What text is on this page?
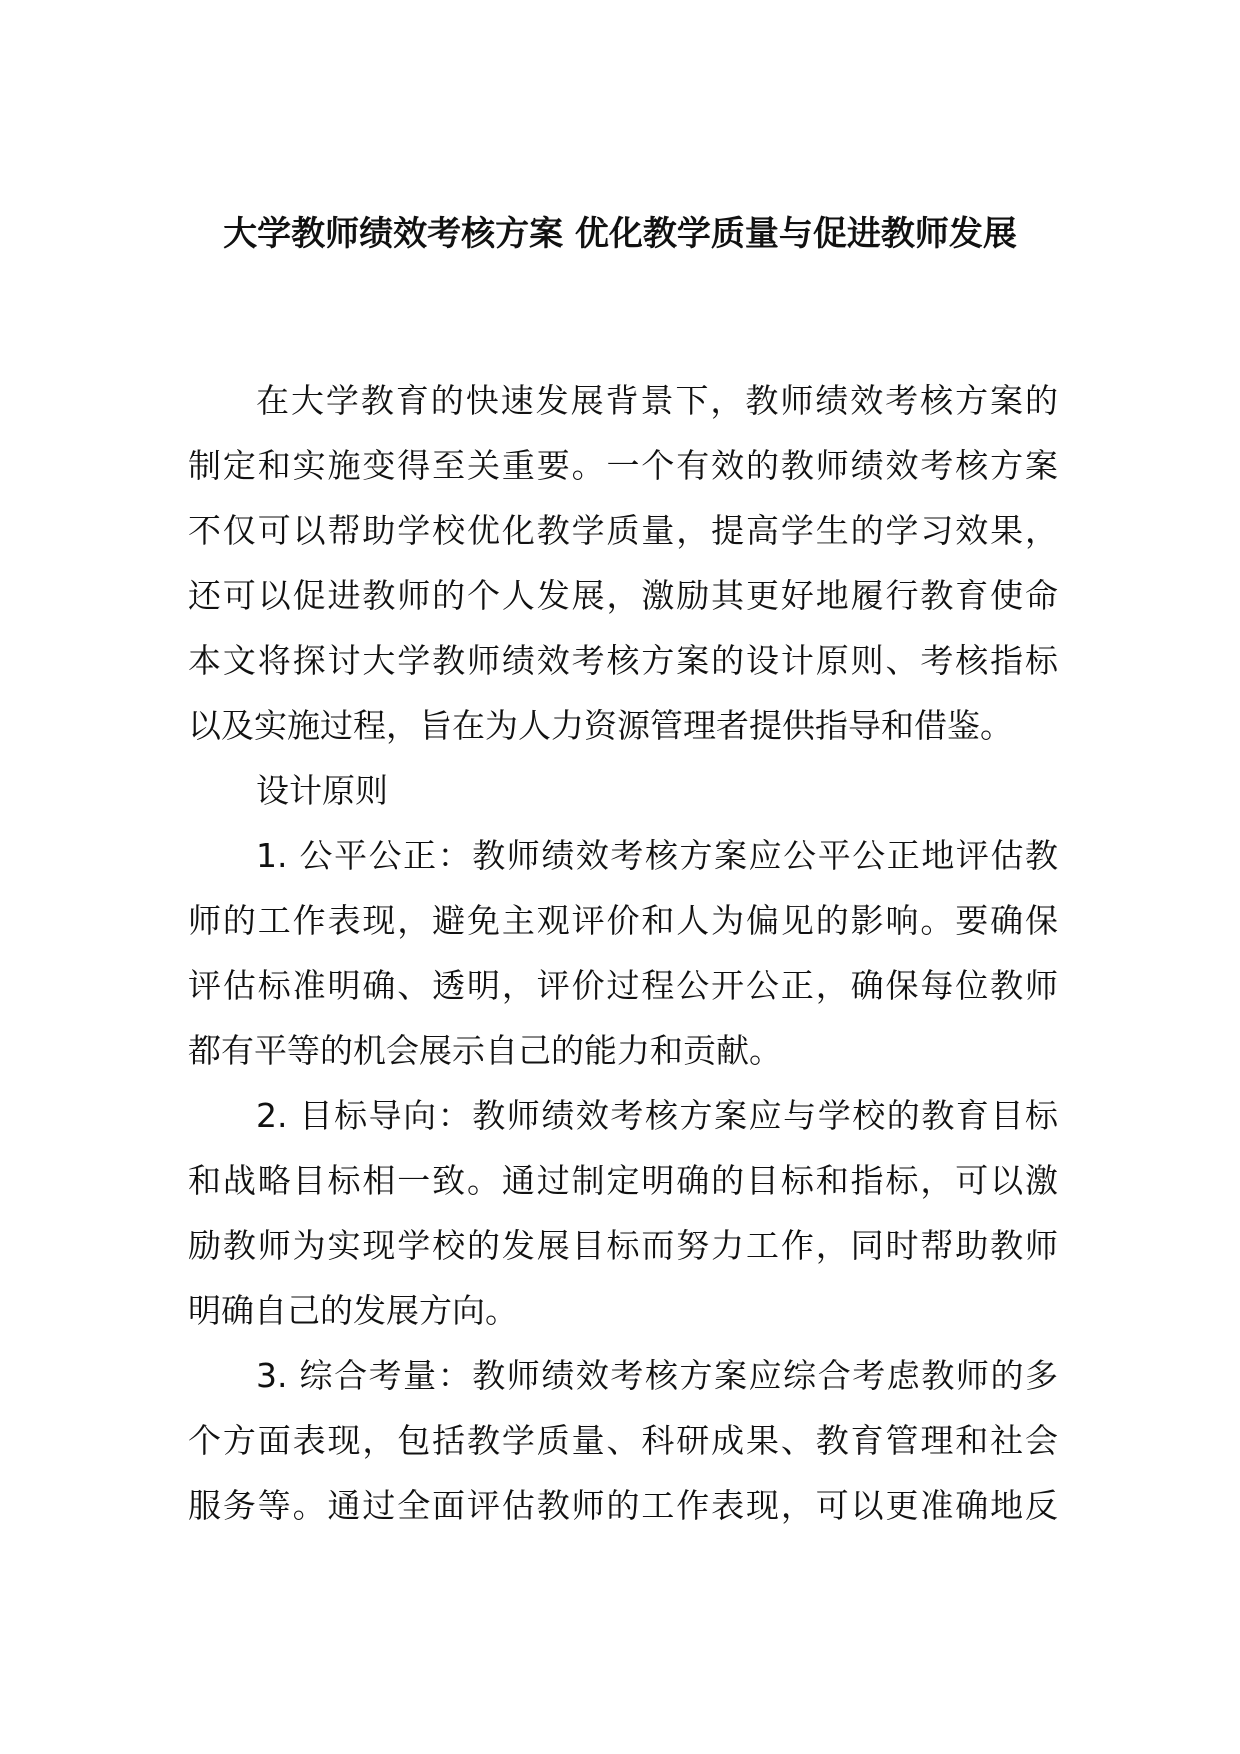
大学教师绩效考核方案 优化教学质量与促进教师发展
在大学教育的快速发展背景下，教师绩效考核方案的
制定和实施变得至关重要。一个有效的教师绩效考核方案
不仅可以帮助学校优化教学质量，提高学生的学习效果，
还可以促进教师的个人发展，激励其更好地履行教育使命
本文将探讨大学教师绩效考核方案的设计原则、考核指标
以及实施过程，旨在为人力资源管理者提供指导和借鉴。
设计原则
1. 公平公正：教师绩效考核方案应公平公正地评估教
师的工作表现，避免主观评价和人为偏见的影响。要确保
评估标准明确、透明，评价过程公开公正，确保每位教师
都有平等的机会展示自己的能力和贡献。
2. 目标导向：教师绩效考核方案应与学校的教育目标
和战略目标相一致。通过制定明确的目标和指标，可以激
励教师为实现学校的发展目标而努力工作，同时帮助教师
明确自己的发展方向。
3. 综合考量：教师绩效考核方案应综合考虑教师的多
个方面表现，包括教学质量、科研成果、教育管理和社会
服务等。通过全面评估教师的工作表现，可以更准确地反
